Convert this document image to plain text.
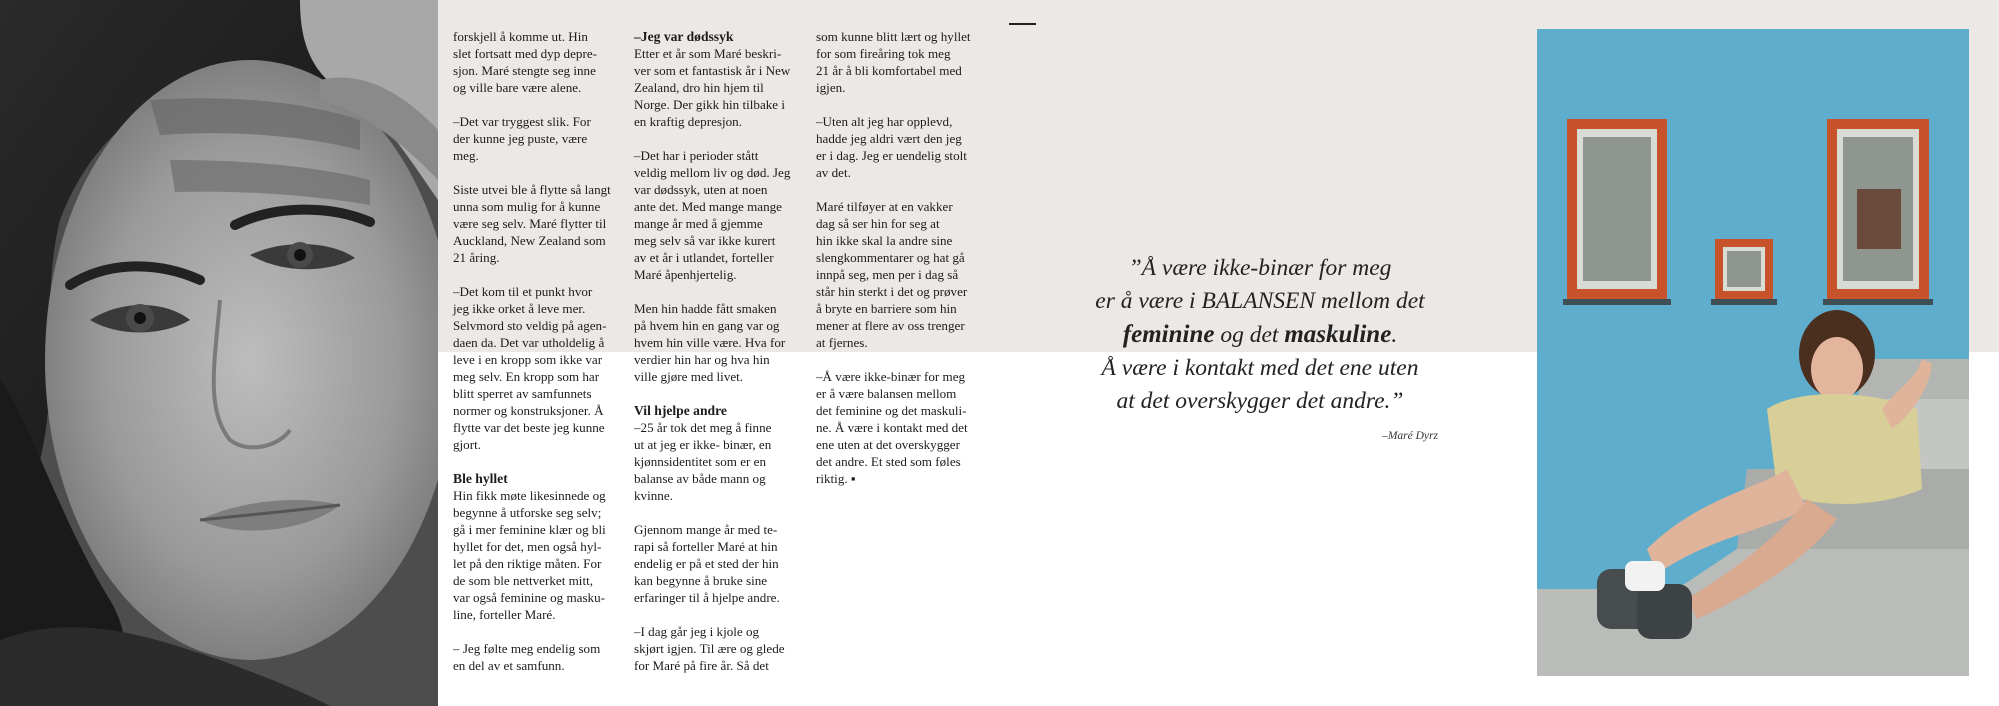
forskjell å komme ut. Hin
slet fortsatt med dyp depre-
sjon. Maré stengte seg inne
og ville bare være alene.

–Det var tryggest slik. For
der kunne jeg puste, være
meg.

Siste utvei ble å flytte så langt
unna som mulig for å kunne
være seg selv. Maré flytter til
Auckland, New Zealand som
21 åring.

–Det kom til et punkt hvor
jeg ikke orket å leve mer.
Selvmord sto veldig på agen-
daen da. Det var utholdelig å
leve i en kropp som ikke var
meg selv. En kropp som har
blitt sperret av samfunnets
normer og konstruksjoner. Å
flytte var det beste jeg kunne
gjort.

Ble hyllet

Hin fikk møte likesinnede og
begynne å utforske seg selv;
gå i mer feminine klær og bli
hyllet for det, men også hyl-
let på den riktige måten. For
de som ble nettverket mitt,
var også feminine og masku-
line, forteller Maré.

– Jeg følte meg endelig som
en del av et samfunn.

–Jeg var dødssyk

Etter et år som Maré beskri-
ver som et fantastisk år i New
Zealand, dro hin hjem til
Norge. Der gikk hin tilbake i
en kraftig depresjon.

–Det har i perioder stått
veldig mellom liv og død. Jeg
var dødssyk, uten at noen
ante det. Med mange mange
mange år med å gjemme
meg selv så var ikke kurert
av et år i utlandet, forteller
Maré åpenhjertelig.

Men hin hadde fått smaken
på hvem hin en gang var og
hvem hin ville være. Hva for
verdier hin har og hva hin
ville gjøre med livet.

Vil hjelpe andre

–25 år tok det meg å finne
ut at jeg er ikke- binær, en
kjønnsidentitet som er en
balanse av både mann og
kvinne.

Gjennom mange år med te-
rapi så forteller Maré at hin
endelig er på et sted der hin
kan begynne å bruke sine
erfaringer til å hjelpe andre.

–I dag går jeg i kjole og
skjørt igjen. Til ære og glede
for Maré på fire år. Så det

som kunne blitt lært og hyllet
for som fireåring tok meg
21 år å bli komfortabel med
igjen.

–Uten alt jeg har opplevd,
hadde jeg aldri vært den jeg
er i dag. Jeg er uendelig stolt
av det.

Maré tilføyer at en vakker
dag så ser hin for seg at
hin ikke skal la andre sine
slengkommentarer og hat gå
innpå seg, men per i dag så
står hin sterkt i det og prøver
å bryte en barriere som hin
mener at flere av oss trenger
at fjernes.

–Å være ikke-binær for meg
er å være balansen mellom
det feminine og det maskuli-
ne. Å være i kontakt med det
ene uten at det overskygger
det andre. Et sted som føles
riktig. ▪

”Å være ikke-binær for meg
er å være i BALANSEN mellom det
feminine og det maskuline.
Å være i kontakt med det ene uten
at det overskygger det andre.”
–Maré Dyrz
